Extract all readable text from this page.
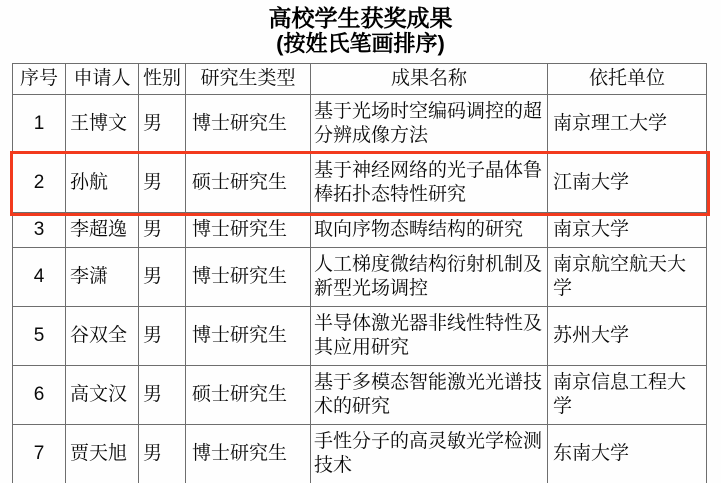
高校学生获奖成果
(按姓氏笔画排序)
序号	申请人	性别	研究生类型	成果名称	依托单位
1	王博文	男	博士研究生	基于光场时空编码调控的超分辨成像方法	南京理工大学
2	孙航	男	硕士研究生	基于神经网络的光子晶体鲁棒拓扑态特性研究	江南大学
3	李超逸	男	博士研究生	取向序物态畴结构的研究	南京大学
4	李潇	男	博士研究生	人工梯度微结构衍射机制及新型光场调控	南京航空航天大学
5	谷双全	男	博士研究生	半导体激光器非线性特性及其应用研究	苏州大学
6	高文汉	男	硕士研究生	基于多模态智能激光光谱技术的研究	南京信息工程大学
7	贾天旭	男	博士研究生	手性分子的高灵敏光学检测技术	东南大学
